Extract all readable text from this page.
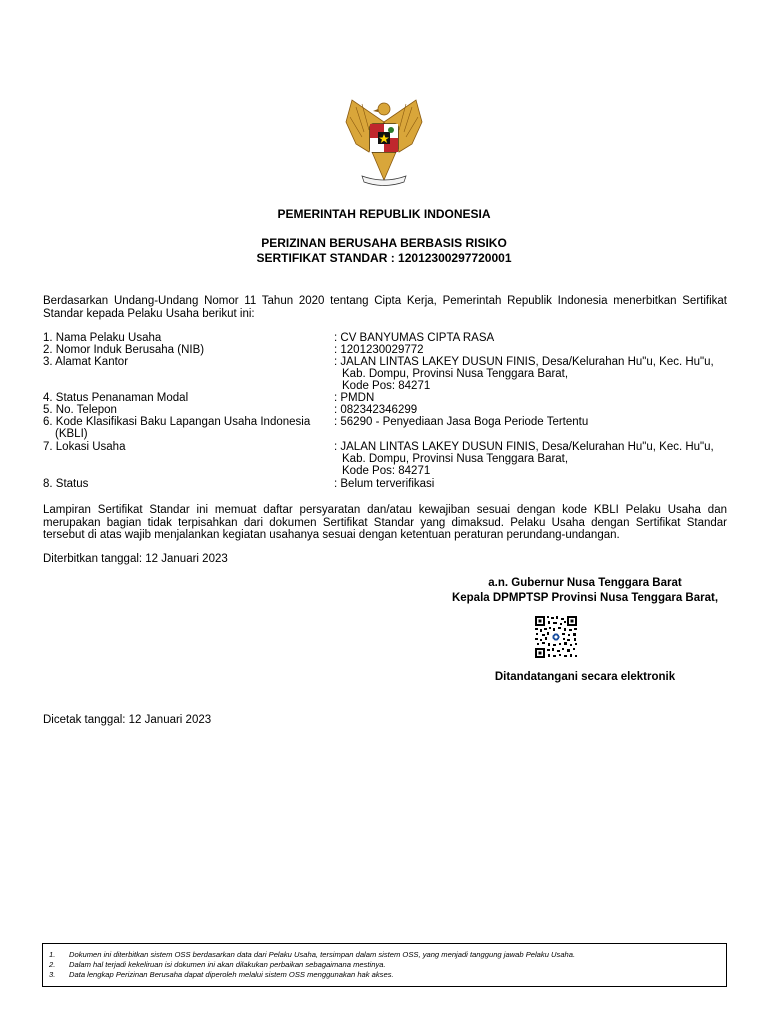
PEMERINTAH REPUBLIK INDONESIA
PERIZINAN BERUSAHA BERBASIS RISIKO
SERTIFIKAT STANDAR : 12012300297720001
Berdasarkan Undang-Undang Nomor 11 Tahun 2020 tentang Cipta Kerja, Pemerintah Republik Indonesia menerbitkan Sertifikat Standar kepada Pelaku Usaha berikut ini:
1. Nama Pelaku Usaha	: CV BANYUMAS CIPTA RASA
2. Nomor Induk Berusaha (NIB)	: 1201230029772
3. Alamat Kantor	: JALAN LINTAS LAKEY DUSUN FINIS, Desa/Kelurahan Hu"u, Kec. Hu"u,
Kab. Dompu, Provinsi Nusa Tenggara Barat,
Kode Pos: 84271
4. Status Penanaman Modal	: PMDN
5. No. Telepon	: 082342346299
6. Kode Klasifikasi Baku Lapangan Usaha Indonesia	: 56290 - Penyediaan Jasa Boga Periode Tertentu
(KBLI)
7. Lokasi Usaha	: JALAN LINTAS LAKEY DUSUN FINIS, Desa/Kelurahan Hu"u, Kec. Hu"u,
Kab. Dompu, Provinsi Nusa Tenggara Barat,
Kode Pos: 84271
8. Status	: Belum terverifikasi
Lampiran Sertifikat Standar ini memuat daftar persyaratan dan/atau kewajiban sesuai dengan kode KBLI Pelaku Usaha dan merupakan bagian tidak terpisahkan dari dokumen Sertifikat Standar yang dimaksud. Pelaku Usaha dengan Sertifikat Standar tersebut di atas wajib menjalankan kegiatan usahanya sesuai dengan ketentuan peraturan perundang-undangan.
Diterbitkan tanggal: 12 Januari 2023
a.n. Gubernur Nusa Tenggara Barat
Kepala DPMPTSP Provinsi Nusa Tenggara Barat,
Ditandatangani secara elektronik
Dicetak tanggal: 12 Januari 2023
1. Dokumen ini diterbitkan sistem OSS berdasarkan data dari Pelaku Usaha, tersimpan dalam sistem OSS, yang menjadi tanggung jawab Pelaku Usaha.
2. Dalam hal terjadi kekeliruan isi dokumen ini akan dilakukan perbaikan sebagaimana mestinya.
3. Data lengkap Perizinan Berusaha dapat diperoleh melalui sistem OSS menggunakan hak akses.
